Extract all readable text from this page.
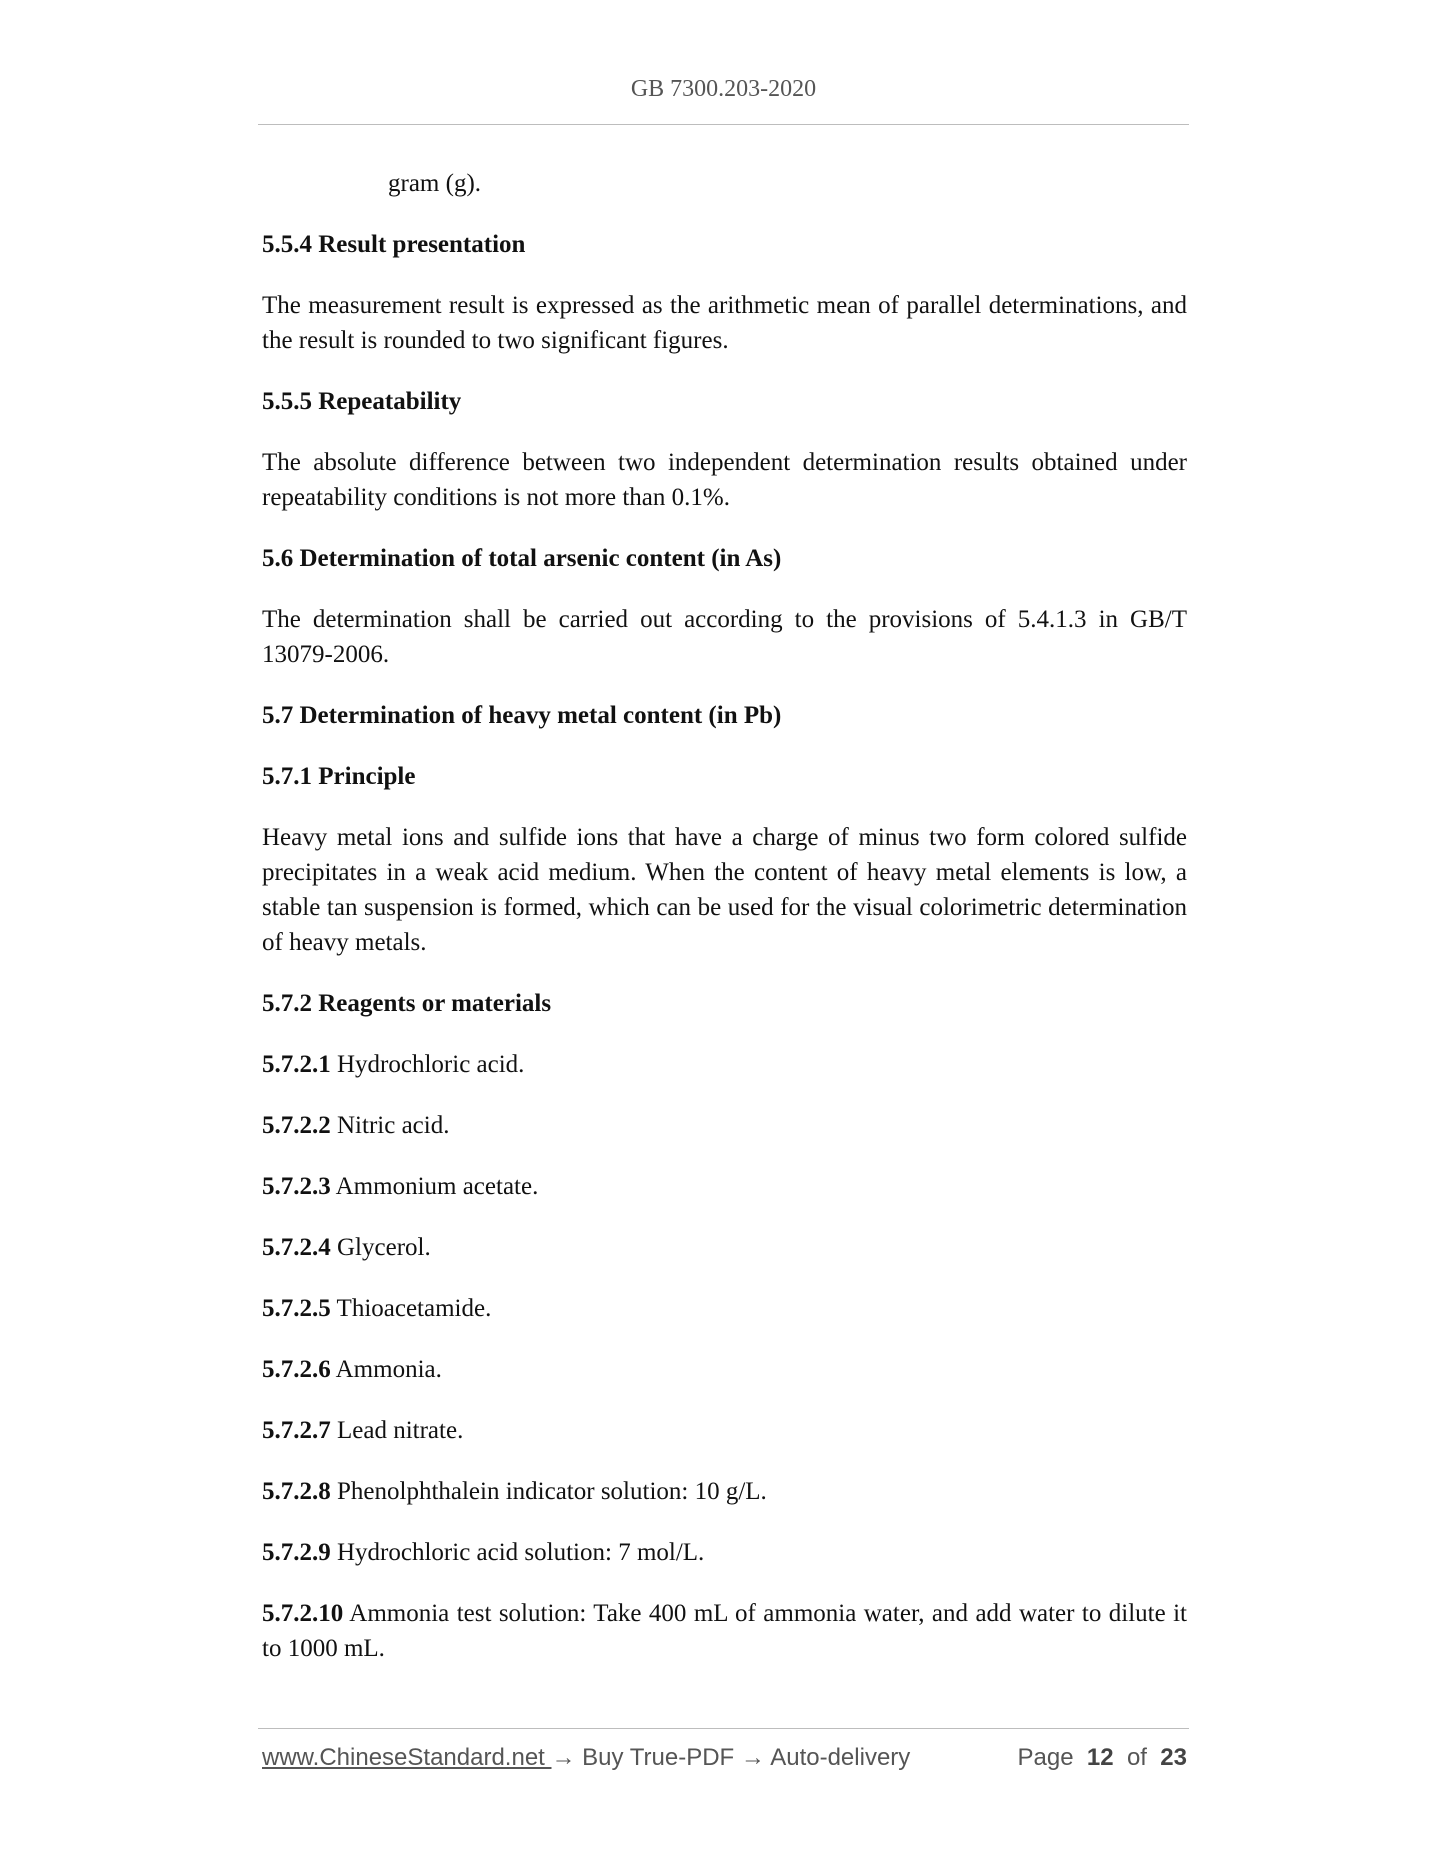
GB 7300.203-2020

gram (g).

5.5.4 Result presentation

The measurement result is expressed as the arithmetic mean of parallel determinations, and the result is rounded to two significant figures.

5.5.5 Repeatability

The absolute difference between two independent determination results obtained under repeatability conditions is not more than 0.1%.

5.6 Determination of total arsenic content (in As)

The determination shall be carried out according to the provisions of 5.4.1.3 in GB/T

13079-2006.

5.7 Determination of heavy metal content (in Pb)

5.7.1 Principle

Heavy metal ions and sulfide ions that have a charge of minus two form colored sulfide precipitates in a weak acid medium. When the content of heavy metal elements is low, a stable tan suspension is formed, which can be used for the visual colorimetric determination of heavy metals.

5.7.2 Reagents or materials

5.7.2.1 Hydrochloric acid.

5.7.2.2 Nitric acid.

5.7.2.3 Ammonium acetate.

5.7.2.4 Glycerol.

5.7.2.5 Thioacetamide.

5.7.2.6 Ammonia.

5.7.2.7 Lead nitrate.

5.7.2.8 Phenolphthalein indicator solution: 10 g/L.

5.7.2.9 Hydrochloric acid solution: 7 mol/L.

5.7.2.10 Ammonia test solution: Take 400 mL of ammonia water, and add water to dilute it to 1000 mL.

www.ChineseStandard.net → Buy True-PDF → Auto-delivery	Page 12 of 23
